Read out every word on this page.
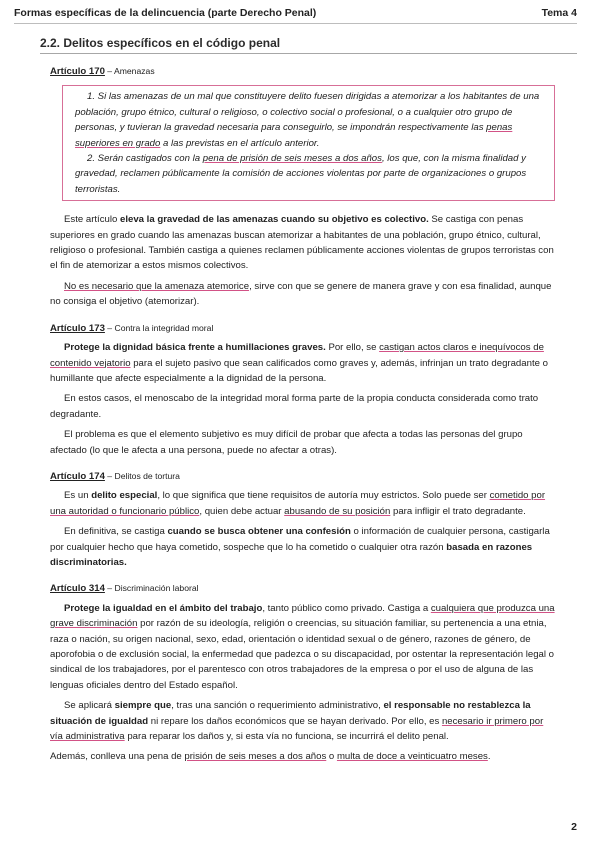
Formas específicas de la delincuencia (parte Derecho Penal)	Tema 4
2.2. Delitos específicos en el código penal

Artículo 170 – Amenazas

1. Si las amenazas de un mal que constituyere delito fuesen dirigidas a atemorizar a los habitantes de una población, grupo étnico, cultural o religioso, o colectivo social o profesional, o a cualquier otro grupo de personas, y tuvieran la gravedad necesaria para conseguirlo, se impondrán respectivamente las penas superiores en grado a las previstas en el artículo anterior.

2. Serán castigados con la pena de prisión de seis meses a dos años, los que, con la misma finalidad y gravedad, reclamen públicamente la comisión de acciones violentas por parte de organizaciones o grupos terroristas.

Este artículo eleva la gravedad de las amenazas cuando su objetivo es colectivo. Se castiga con penas superiores en grado cuando las amenazas buscan atemorizar a habitantes de una población, grupo étnico, cultural, religioso o profesional. También castiga a quienes reclamen públicamente acciones violentas de grupos terroristas con el fin de atemorizar a estos mismos colectivos.

No es necesario que la amenaza atemorice, sirve con que se genere de manera grave y con esa finalidad, aunque no consiga el objetivo (atemorizar).

Artículo 173 – Contra la integridad moral

Protege la dignidad básica frente a humillaciones graves. Por ello, se castigan actos claros e inequívocos de contenido vejatorio para el sujeto pasivo que sean calificados como graves y, además, infrinjan un trato degradante o humillante que afecte especialmente a la dignidad de la persona.

En estos casos, el menoscabo de la integridad moral forma parte de la propia conducta considerada como trato degradante.

El problema es que el elemento subjetivo es muy difícil de probar que afecta a todas las personas del grupo afectado (lo que le afecta a una persona, puede no afectar a otras).

Artículo 174 – Delitos de tortura

Es un delito especial, lo que significa que tiene requisitos de autoría muy estrictos. Solo puede ser cometido por una autoridad o funcionario público, quien debe actuar abusando de su posición para infligir el trato degradante.

En definitiva, se castiga cuando se busca obtener una confesión o información de cualquier persona, castigarla por cualquier hecho que haya cometido, sospeche que lo ha cometido o cualquier otra razón basada en razones discriminatorias.

Artículo 314 – Discriminación laboral

Protege la igualdad en el ámbito del trabajo, tanto público como privado. Castiga a cualquiera que produzca una grave discriminación por razón de su ideología, religión o creencias, su situación familiar, su pertenencia a una etnia, raza o nación, su origen nacional, sexo, edad, orientación o identidad sexual o de género, razones de género, de aporofobia o de exclusión social, la enfermedad que padezca o su discapacidad, por ostentar la representación legal o sindical de los trabajadores, por el parentesco con otros trabajadores de la empresa o por el uso de alguna de las lenguas oficiales dentro del Estado español.

Se aplicará siempre que, tras una sanción o requerimiento administrativo, el responsable no restablezca la situación de igualdad ni repare los daños económicos que se hayan derivado. Por ello, es necesario ir primero por vía administrativa para reparar los daños y, si esta vía no funciona, se incurrirá el delito penal.

Además, conlleva una pena de prisión de seis meses a dos años o multa de doce a veinticuatro meses.

2
